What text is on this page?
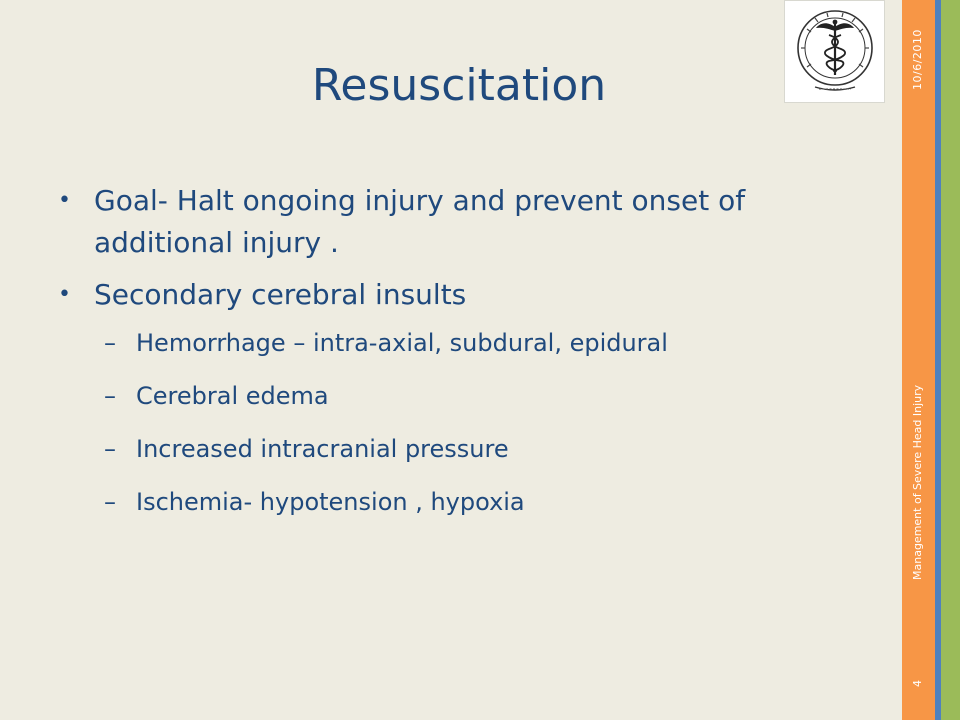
10/6/2010
Management of Severe Head Injury
4
Resuscitation
• Goal- Halt ongoing injury and prevent onset of additional injury .
• Secondary cerebral insults
– Hemorrhage – intra-axial, subdural, epidural
– Cerebral edema
– Increased intracranial pressure
– Ischemia- hypotension , hypoxia
